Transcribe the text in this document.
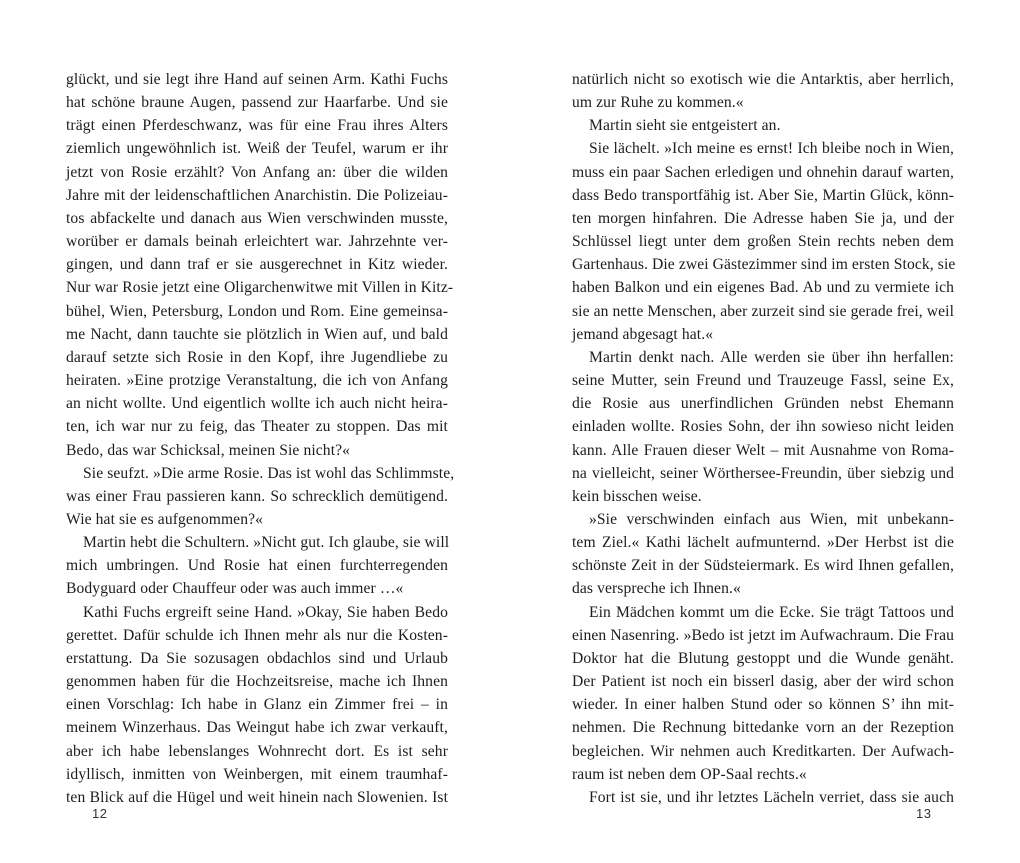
glückt, und sie legt ihre Hand auf seinen Arm. Kathi Fuchs
hat schöne braune Augen, passend zur Haarfarbe. Und sie
trägt einen Pferdeschwanz, was für eine Frau ihres Alters
ziemlich ungewöhnlich ist. Weiß der Teufel, warum er ihr
jetzt von Rosie erzählt? Von Anfang an: über die wilden
Jahre mit der leidenschaftlichen Anarchistin. Die Polizeiau-
tos abfackelte und danach aus Wien verschwinden musste,
worüber er damals beinah erleichtert war. Jahrzehnte ver-
gingen, und dann traf er sie ausgerechnet in Kitz wieder.
Nur war Rosie jetzt eine Oligarchenwitwe mit Villen in Kitz-
bühel, Wien, Petersburg, London und Rom. Eine gemeinsa-
me Nacht, dann tauchte sie plötzlich in Wien auf, und bald
darauf setzte sich Rosie in den Kopf, ihre Jugendliebe zu
heiraten. »Eine protzige Veranstaltung, die ich von Anfang
an nicht wollte. Und eigentlich wollte ich auch nicht heira-
ten, ich war nur zu feig, das Theater zu stoppen. Das mit
Bedo, das war Schicksal, meinen Sie nicht?«
Sie seufzt. »Die arme Rosie. Das ist wohl das Schlimmste,
was einer Frau passieren kann. So schrecklich demütigend.
Wie hat sie es aufgenommen?«
Martin hebt die Schultern. »Nicht gut. Ich glaube, sie will
mich umbringen. Und Rosie hat einen furchterregenden
Bodyguard oder Chauffeur oder was auch immer …«
Kathi Fuchs ergreift seine Hand. »Okay, Sie haben Bedo
gerettet. Dafür schulde ich Ihnen mehr als nur die Kosten-
erstattung. Da Sie sozusagen obdachlos sind und Urlaub
genommen haben für die Hochzeitsreise, mache ich Ihnen
einen Vorschlag: Ich habe in Glanz ein Zimmer frei – in
meinem Winzerhaus. Das Weingut habe ich zwar verkauft,
aber ich habe lebenslanges Wohnrecht dort. Es ist sehr
idyllisch, inmitten von Weinbergen, mit einem traumhaf-
ten Blick auf die Hügel und weit hinein nach Slowenien. Ist
12
natürlich nicht so exotisch wie die Antarktis, aber herrlich,
um zur Ruhe zu kommen.«
Martin sieht sie entgeistert an.
Sie lächelt. »Ich meine es ernst! Ich bleibe noch in Wien,
muss ein paar Sachen erledigen und ohnehin darauf warten,
dass Bedo transportfähig ist. Aber Sie, Martin Glück, könn-
ten morgen hinfahren. Die Adresse haben Sie ja, und der
Schlüssel liegt unter dem großen Stein rechts neben dem
Gartenhaus. Die zwei Gästezimmer sind im ersten Stock, sie
haben Balkon und ein eigenes Bad. Ab und zu vermiete ich
sie an nette Menschen, aber zurzeit sind sie gerade frei, weil
jemand abgesagt hat.«
Martin denkt nach. Alle werden sie über ihn herfallen:
seine Mutter, sein Freund und Trauzeuge Fassl, seine Ex,
die Rosie aus unerfindlichen Gründen nebst Ehemann
einladen wollte. Rosies Sohn, der ihn sowieso nicht leiden
kann. Alle Frauen dieser Welt – mit Ausnahme von Roma-
na vielleicht, seiner Wörthersee-Freundin, über siebzig und
kein bisschen weise.
»Sie verschwinden einfach aus Wien, mit unbekann-
tem Ziel.« Kathi lächelt aufmunternd. »Der Herbst ist die
schönste Zeit in der Südsteiermark. Es wird Ihnen gefallen,
das verspreche ich Ihnen.«
Ein Mädchen kommt um die Ecke. Sie trägt Tattoos und
einen Nasenring. »Bedo ist jetzt im Aufwachraum. Die Frau
Doktor hat die Blutung gestoppt und die Wunde genäht.
Der Patient ist noch ein bisserl dasig, aber der wird schon
wieder. In einer halben Stund oder so können S’ ihn mit-
nehmen. Die Rechnung bittedanke vorn an der Rezeption
begleichen. Wir nehmen auch Kreditkarten. Der Aufwach-
raum ist neben dem OP-Saal rechts.«
Fort ist sie, und ihr letztes Lächeln verriet, dass sie auch
13
